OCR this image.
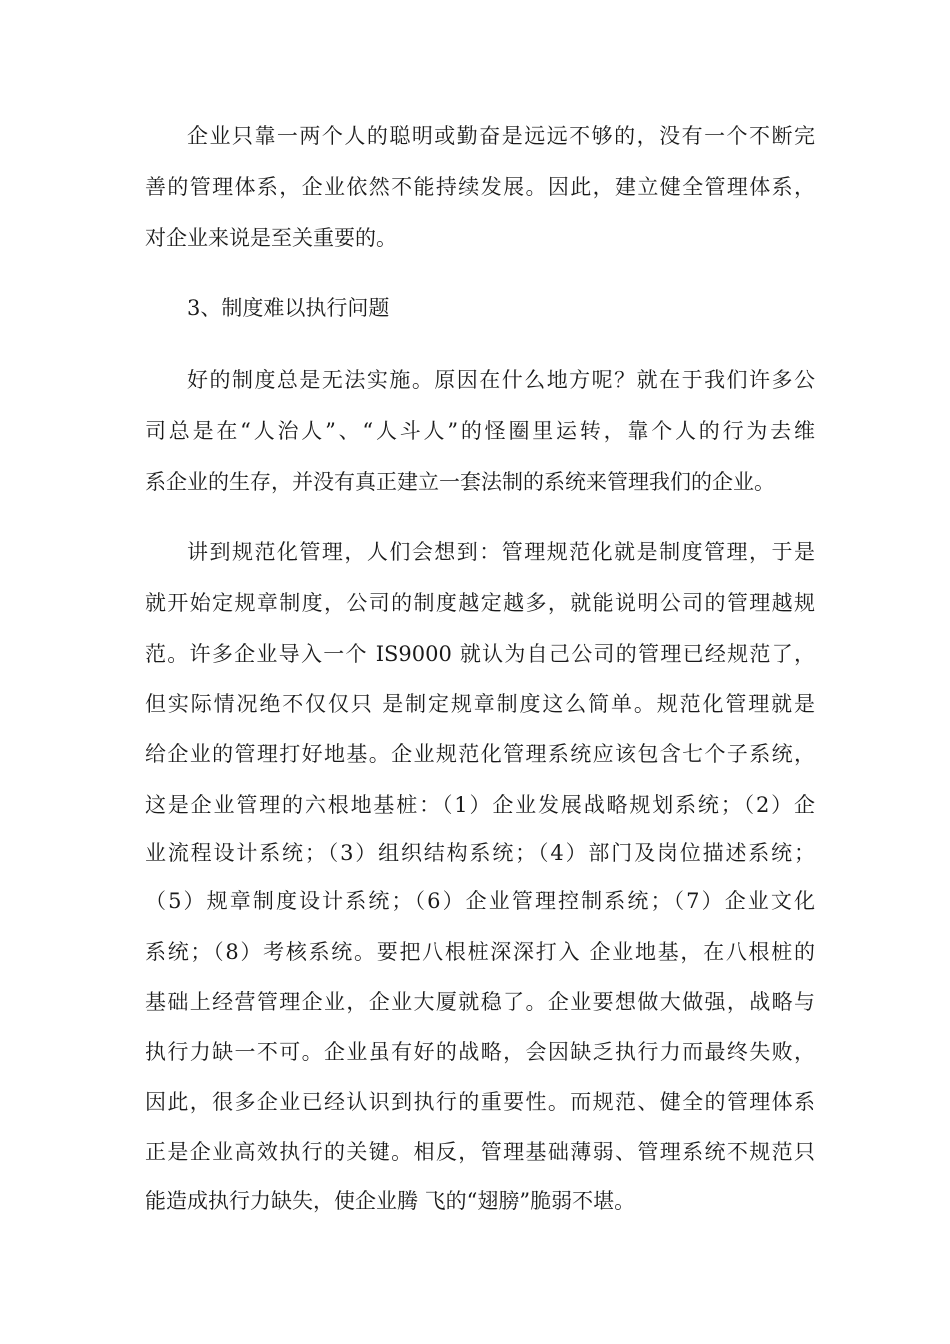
企业只靠一两个人的聪明或勤奋是远远不够的，没有一个不断完

善的管理体系，企业依然不能持续发展。因此，建立健全管理体系，

对企业来说是至关重要的。

3、制度难以执行问题

好的制度总是无法实施。原因在什么地方呢？就在于我们许多公

司总是在“人治人”、“人斗人”的怪圈里运转，靠个人的行为去维

系企业的生存，并没有真正建立一套法制的系统来管理我们的企业。

讲到规范化管理，人们会想到：管理规范化就是制度管理，于是

就开始定规章制度，公司的制度越定越多，就能说明公司的管理越规

范。许多企业导入一个 IS9000 就认为自己公司的管理已经规范了，

但实际情况绝不仅仅只 是制定规章制度这么简单。规范化管理就是

给企业的管理打好地基。企业规范化管理系统应该包含七个子系统，

这是企业管理的六根地基桩：（1）企业发展战略规划系统；（2）企

业流程设计系统；（3）组织结构系统；（4）部门及岗位描述系统；

（5）规章制度设计系统；（6）企业管理控制系统；（7）企业文化

系统；（8）考核系统。要把八根桩深深打入 企业地基，在八根桩的

基础上经营管理企业，企业大厦就稳了。企业要想做大做强，战略与

执行力缺一不可。企业虽有好的战略，会因缺乏执行力而最终失败，

因此，很多企业已经认识到执行的重要性。而规范、健全的管理体系

正是企业高效执行的关键。相反，管理基础薄弱、管理系统不规范只

能造成执行力缺失，使企业腾 飞的“翅膀”脆弱不堪。
